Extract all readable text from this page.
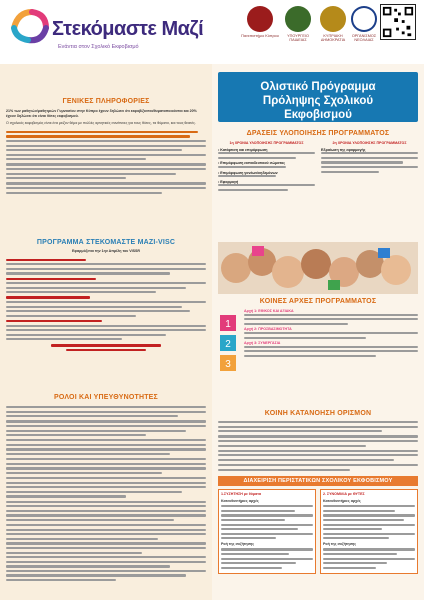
Στεκόμαστε Μαζί
Ενάντια στον Σχολικό Εκφοβισμό
Πανεπιστήμιο Κύπρου	ΥΠΟΥΡΓΕΙΟ ΠΑΙΔΕΙΑΣ
ΚΥΠΡΙΑΚΗ ΔΗΜΟΚΡΑΤΙΑ
ΟΡΓΑΝΙΣΜΟΣ ΝΕΟΛΑΙΑΣ
ΓΕΝΙΚΕΣ ΠΛΗΡΟΦΟΡΙΕΣ
21% των μαθητών/μαθητριών Γυμνασίου στην Κύπρο έχουν δηλώσει ότι εκφοβίζονται/θυματοποιούνται και 20% έχουν δηλώσει ότι είναι θύτες εκφοβισμού.
Ο σχολικός εκφοβισμός είναι ένα μείζον θέμα με πολλές αρνητικές συνέπειες για τους θύτες, τα θύματα, και τους θεατές.
ΠΡΟΓΡΑΜΜΑ ΣΤΕΚΟΜΑΣΤΕ ΜΑΖΙ-VISC
Εφαρμόζεται την 1ην Απρίλη του VISSR
ΡΟΛΟΙ ΚΑΙ ΥΠΕΥΘΥΝΟΤΗΤΕΣ
Ολιστικό Πρόγραμμα
Πρόληψης Σχολικού
Εκφοβισμού
ΔΡΑΣΕΙΣ ΥΛΟΠΟΙΗΣΗΣ ΠΡΟΓΡΑΜΜΑΤΟΣ
1η ΧΡΟΝΙΑ ΥΛΟΠΟΙΗΣΗΣ ΠΡΟΓΡΑΜΜΑΤΟΣ
• Κατάρτιση και επιμόρφωση
• Επιμόρφωση εκπαιδευτικού σώματος
• Επιμόρφωση γονέων/κηδεμόνων
• Εφαρμογή
2η ΧΡΟΝΙΑ ΥΛΟΠΟΙΗΣΗΣ ΠΡΟΓΡΑΜΜΑΤΟΣ
Εδραίωση της εφαρμογής
ΚΟΙΝΕΣ ΑΡΧΕΣ ΠΡΟΓΡΑΜΜΑΤΟΣ
1
2
3
Αρχή 1: ΕΘΙΚΟΣ ΚΑΙ ΑΞΙΑΚΑ
Αρχή 2: ΠΡΟΣΒΑΣΙΜΟΤΗΤΑ
Αρχή 3: ΣΥΝΕΡΓΑΣΙΑ
ΚΟΙΝΗ ΚΑΤΑΝΟΗΣΗ ΟΡΙΣΜΟΝ
ΔΙΑΧΕΙΡΙΣΗ ΠΕΡΙΣΤΑΤΙΚΩΝ ΣΧΟΛΙΚΟΥ ΕΚΦΟΒΙΣΜΟΥ
1.ΣΥΖΗΤΗΣΗ με θύματα
Κατευθυντήριες αρχές
Ροή της συζήτησης
2. ΣΥΝΟΜΙΛΙΑ με ΘΥΤΕΣ
Κατευθυντήριες αρχές
Ροή της συζήτησης
